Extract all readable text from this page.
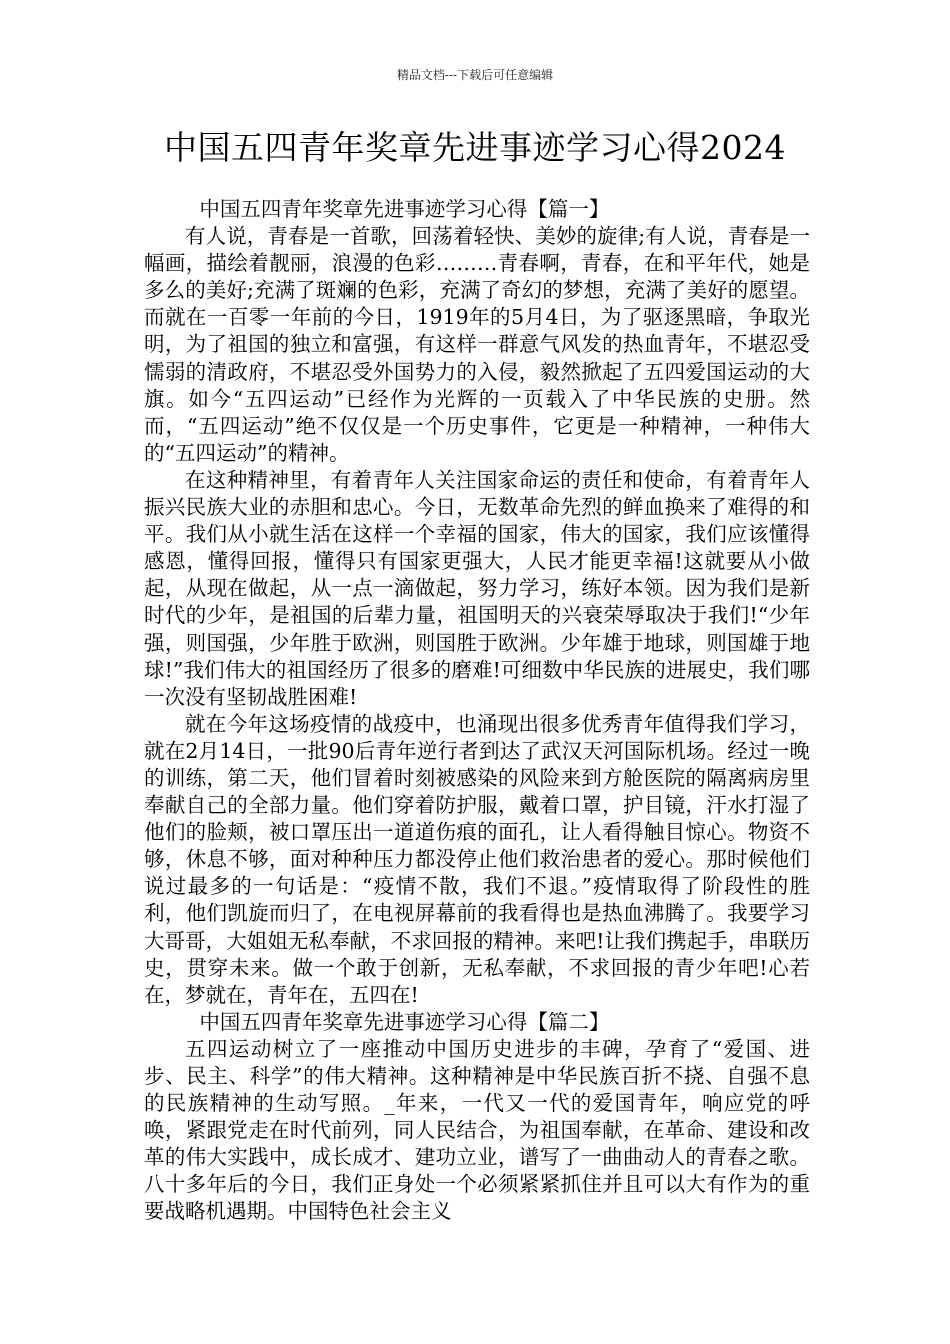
精品文档---下载后可任意编辑
中国五四青年奖章先进事迹学习心得2024

中国五四青年奖章先进事迹学习心得【篇一】

有人说，青春是一首歌，回荡着轻快、美妙的旋律;有人说，青春是一幅画，描绘着靓丽，浪漫的色彩………青春啊，青春，在和平年代，她是多么的美好;充满了斑斓的色彩，充满了奇幻的梦想，充满了美好的愿望。而就在一百零一年前的今日，1919年的5月4日，为了驱逐黑暗，争取光明，为了祖国的独立和富强，有这样一群意气风发的热血青年，不堪忍受懦弱的清政府，不堪忍受外国势力的入侵，毅然掀起了五四爱国运动的大旗。如今“五四运动”已经作为光辉的一页载入了中华民族的史册。然而，“五四运动”绝不仅仅是一个历史事件，它更是一种精神，一种伟大的“五四运动”的精神。

在这种精神里，有着青年人关注国家命运的责任和使命，有着青年人振兴民族大业的赤胆和忠心。今日，无数革命先烈的鲜血换来了难得的和平。我们从小就生活在这样一个幸福的国家，伟大的国家，我们应该懂得感恩，懂得回报，懂得只有国家更强大，人民才能更幸福!这就要从小做起，从现在做起，从一点一滴做起，努力学习，练好本领。因为我们是新时代的少年，是祖国的后辈力量，祖国明天的兴衰荣辱取决于我们!“少年强，则国强，少年胜于欧洲，则国胜于欧洲。少年雄于地球，则国雄于地球!”我们伟大的祖国经历了很多的磨难!可细数中华民族的进展史，我们哪一次没有坚韧战胜困难!

就在今年这场疫情的战疫中，也涌现出很多优秀青年值得我们学习，就在2月14日，一批90后青年逆行者到达了武汉天河国际机场。经过一晚的训练，第二天，他们冒着时刻被感染的风险来到方舱医院的隔离病房里奉献自己的全部力量。他们穿着防护服，戴着口罩，护目镜，汗水打湿了他们的脸颊，被口罩压出一道道伤痕的面孔，让人看得触目惊心。物资不够，休息不够，面对种种压力都没停止他们救治患者的爱心。那时候他们说过最多的一句话是：“疫情不散，我们不退。”疫情取得了阶段性的胜利，他们凯旋而归了，在电视屏幕前的我看得也是热血沸腾了。我要学习大哥哥，大姐姐无私奉献，不求回报的精神。来吧!让我们携起手，串联历史，贯穿未来。做一个敢于创新，无私奉献，不求回报的青少年吧!心若在，梦就在，青年在，五四在!

中国五四青年奖章先进事迹学习心得【篇二】

五四运动树立了一座推动中国历史进步的丰碑，孕育了“爱国、进步、民主、科学”的伟大精神。这种精神是中华民族百折不挠、自强不息的民族精神的生动写照。_年来，一代又一代的爱国青年，响应党的呼唤，紧跟党走在时代前列，同人民结合，为祖国奉献，在革命、建设和改革的伟大实践中，成长成才、建功立业，谱写了一曲曲动人的青春之歌。八十多年后的今日，我们正身处一个必须紧紧抓住并且可以大有作为的重要战略机遇期。中国特色社会主义
